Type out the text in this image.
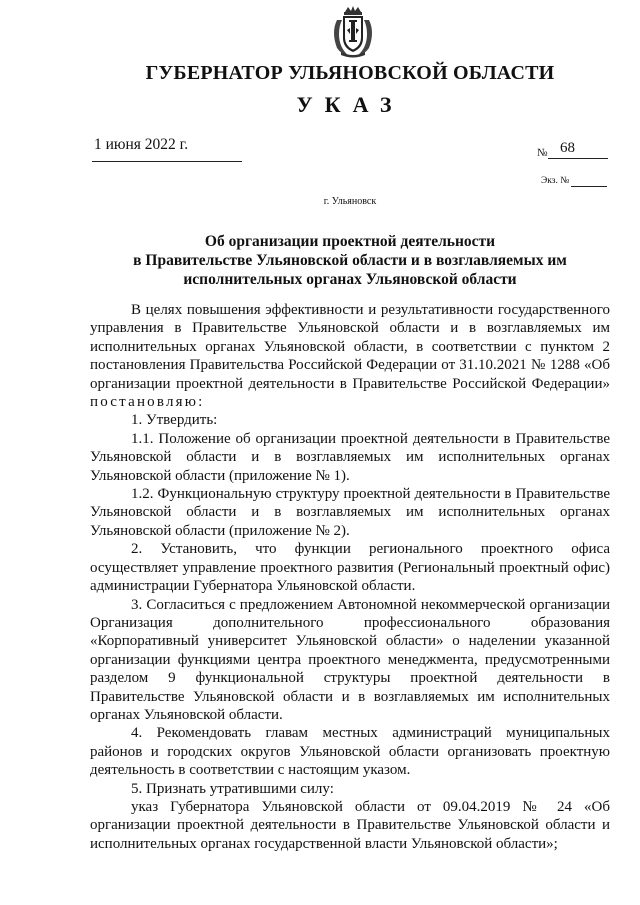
ГУБЕРНАТОР УЛЬЯНОВСКОЙ ОБЛАСТИ
УКАЗ
1 июня 2022 г.	№ 68
Экз. №
г. Ульяновск
Об организации проектной деятельности
в Правительстве Ульяновской области и в возглавляемых им
исполнительных органах Ульяновской области

В целях повышения эффективности и результативности государственного управления в Правительстве Ульяновской области и в возглавляемых им исполнительных органах Ульяновской области, в соответствии с пунктом 2 постановления Правительства Российской Федерации от 31.10.2021 № 1288 «Об организации проектной деятельности в Правительстве Российской Федерации» постановляю:

1. Утвердить:

1.1. Положение об организации проектной деятельности в Правительстве Ульяновской области и в возглавляемых им исполнительных органах Ульяновской области (приложение № 1).

1.2. Функциональную структуру проектной деятельности в Правительстве Ульяновской области и в возглавляемых им исполнительных органах Ульяновской области (приложение № 2).

2. Установить, что функции регионального проектного офиса осуществляет управление проектного развития (Региональный проектный офис) администрации Губернатора Ульяновской области.

3. Согласиться с предложением Автономной некоммерческой организации Организация дополнительного профессионального образования «Корпоративный университет Ульяновской области» о наделении указанной организации функциями центра проектного менеджмента, предусмотренными разделом 9 функциональной структуры проектной деятельности в Правительстве Ульяновской области и в возглавляемых им исполнительных органах Ульяновской области.

4. Рекомендовать главам местных администраций муниципальных районов и городских округов Ульяновской области организовать проектную деятельность в соответствии с настоящим указом.

5. Признать утратившими силу:

указ Губернатора Ульяновской области от 09.04.2019 № 24 «Об организации проектной деятельности в Правительстве Ульяновской области и исполнительных органах государственной власти Ульяновской области»;
